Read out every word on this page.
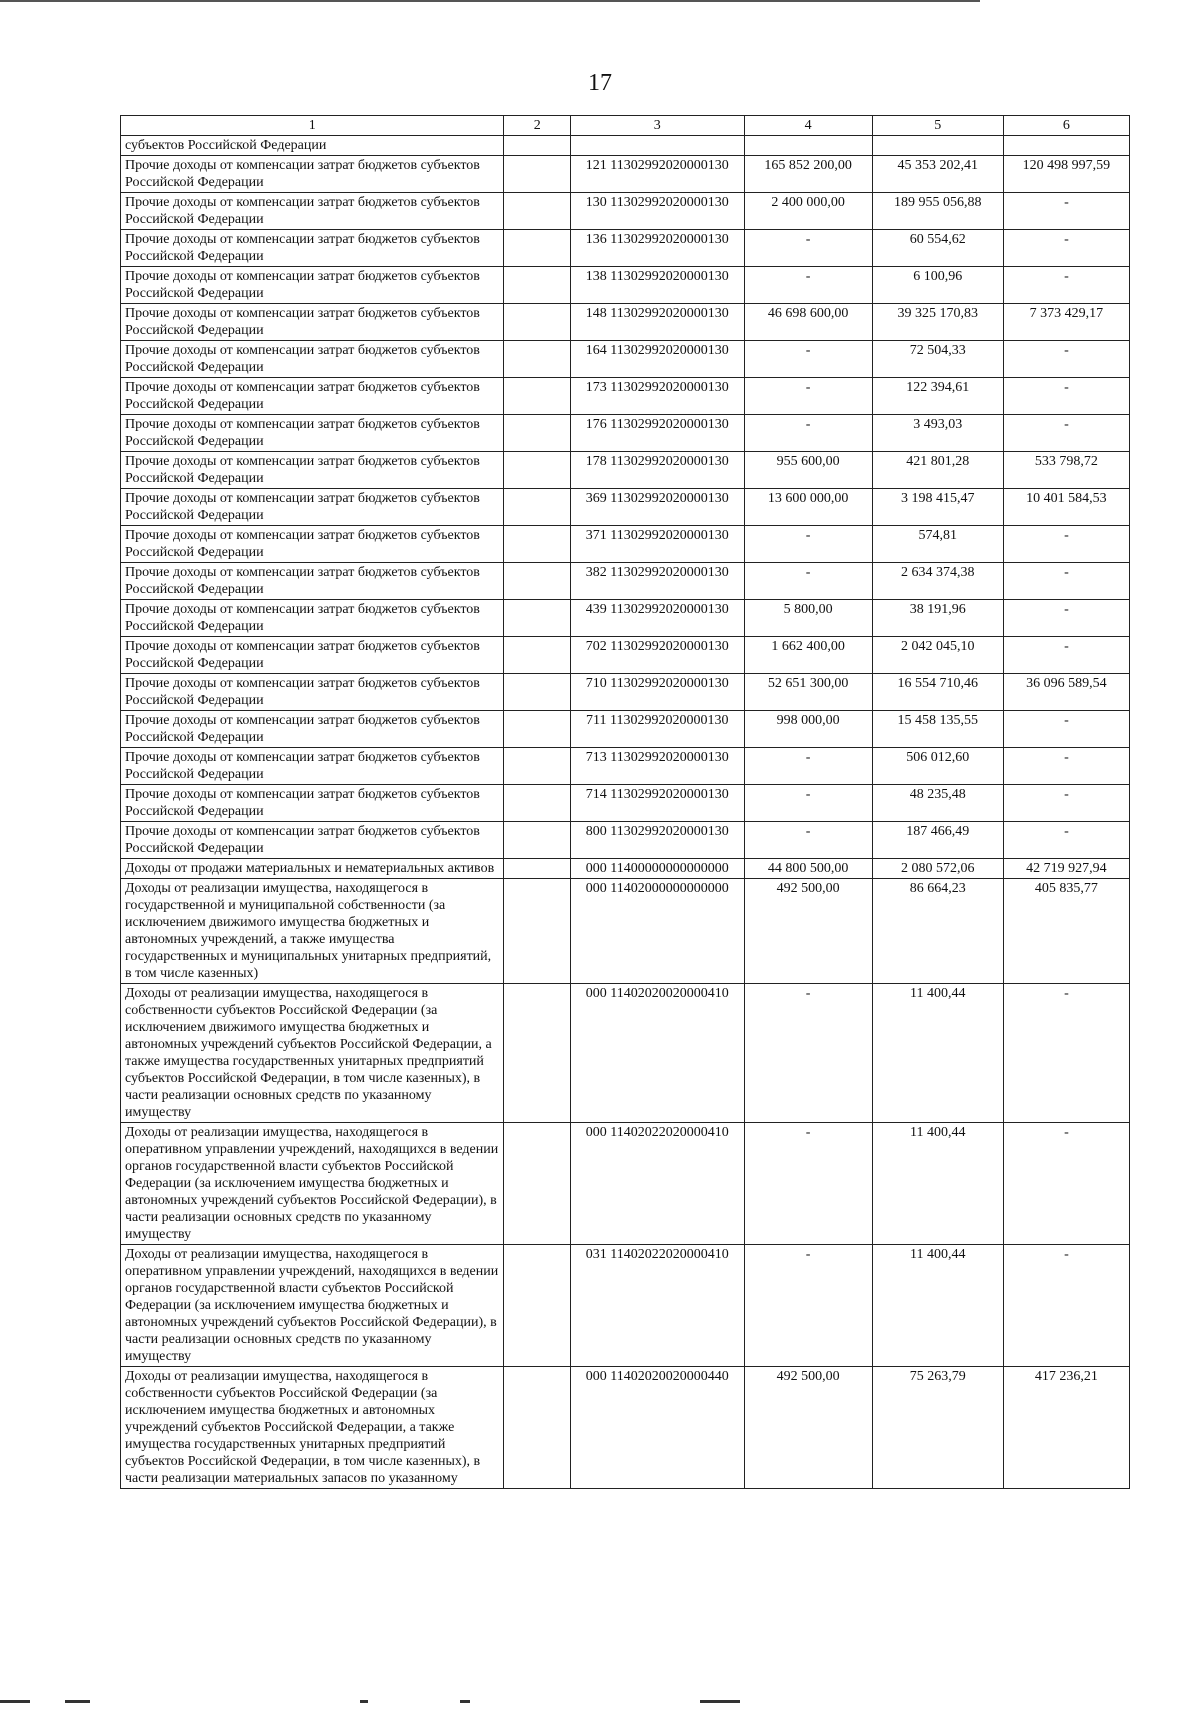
17
1	2	3	4	5	6
субъектов Российской Федерации					
Прочие доходы от компенсации затрат бюджетов субъектов Российской Федерации		121 11302992020000130	165 852 200,00	45 353 202,41	120 498 997,59
Прочие доходы от компенсации затрат бюджетов субъектов Российской Федерации		130 11302992020000130	2 400 000,00	189 955 056,88	-
Прочие доходы от компенсации затрат бюджетов субъектов Российской Федерации		136 11302992020000130	-	60 554,62	-
Прочие доходы от компенсации затрат бюджетов субъектов Российской Федерации		138 11302992020000130	-	6 100,96	-
Прочие доходы от компенсации затрат бюджетов субъектов Российской Федерации		148 11302992020000130	46 698 600,00	39 325 170,83	7 373 429,17
Прочие доходы от компенсации затрат бюджетов субъектов Российской Федерации		164 11302992020000130	-	72 504,33	-
Прочие доходы от компенсации затрат бюджетов субъектов Российской Федерации		173 11302992020000130	-	122 394,61	-
Прочие доходы от компенсации затрат бюджетов субъектов Российской Федерации		176 11302992020000130	-	3 493,03	-
Прочие доходы от компенсации затрат бюджетов субъектов Российской Федерации		178 11302992020000130	955 600,00	421 801,28	533 798,72
Прочие доходы от компенсации затрат бюджетов субъектов Российской Федерации		369 11302992020000130	13 600 000,00	3 198 415,47	10 401 584,53
Прочие доходы от компенсации затрат бюджетов субъектов Российской Федерации		371 11302992020000130	-	574,81	-
Прочие доходы от компенсации затрат бюджетов субъектов Российской Федерации		382 11302992020000130	-	2 634 374,38	-
Прочие доходы от компенсации затрат бюджетов субъектов Российской Федерации		439 11302992020000130	5 800,00	38 191,96	-
Прочие доходы от компенсации затрат бюджетов субъектов Российской Федерации		702 11302992020000130	1 662 400,00	2 042 045,10	-
Прочие доходы от компенсации затрат бюджетов субъектов Российской Федерации		710 11302992020000130	52 651 300,00	16 554 710,46	36 096 589,54
Прочие доходы от компенсации затрат бюджетов субъектов Российской Федерации		711 11302992020000130	998 000,00	15 458 135,55	-
Прочие доходы от компенсации затрат бюджетов субъектов Российской Федерации		713 11302992020000130	-	506 012,60	-
Прочие доходы от компенсации затрат бюджетов субъектов Российской Федерации		714 11302992020000130	-	48 235,48	-
Прочие доходы от компенсации затрат бюджетов субъектов Российской Федерации		800 11302992020000130	-	187 466,49	-
Доходы от продажи материальных и нематериальных активов		000 11400000000000000	44 800 500,00	2 080 572,06	42 719 927,94
Доходы от реализации имущества, находящегося в государственной и муниципальной собственности (за исключением движимого имущества бюджетных и автономных учреждений, а также имущества государственных и муниципальных унитарных предприятий, в том числе казенных)		000 11402000000000000	492 500,00	86 664,23	405 835,77
Доходы от реализации имущества, находящегося в собственности субъектов Российской Федерации (за исключением движимого имущества бюджетных и автономных учреждений субъектов Российской Федерации, а также имущества государственных унитарных предприятий субъектов Российской Федерации, в том числе казенных), в части реализации основных средств по указанному имуществу		000 11402020020000410	-	11 400,44	-
Доходы от реализации имущества, находящегося в оперативном управлении учреждений, находящихся в ведении органов государственной власти субъектов Российской Федерации (за исключением имущества бюджетных и автономных учреждений субъектов Российской Федерации), в части реализации основных средств по указанному имуществу		000 11402022020000410	-	11 400,44	-
Доходы от реализации имущества, находящегося в оперативном управлении учреждений, находящихся в ведении органов государственной власти субъектов Российской Федерации (за исключением имущества бюджетных и автономных учреждений субъектов Российской Федерации), в части реализации основных средств по указанному имуществу		031 11402022020000410	-	11 400,44	-
Доходы от реализации имущества, находящегося в собственности субъектов Российской Федерации (за исключением имущества бюджетных и автономных учреждений субъектов Российской Федерации, а также имущества государственных унитарных предприятий субъектов Российской Федерации, в том числе казенных), в части реализации материальных запасов по указанному		000 11402020020000440	492 500,00	75 263,79	417 236,21
